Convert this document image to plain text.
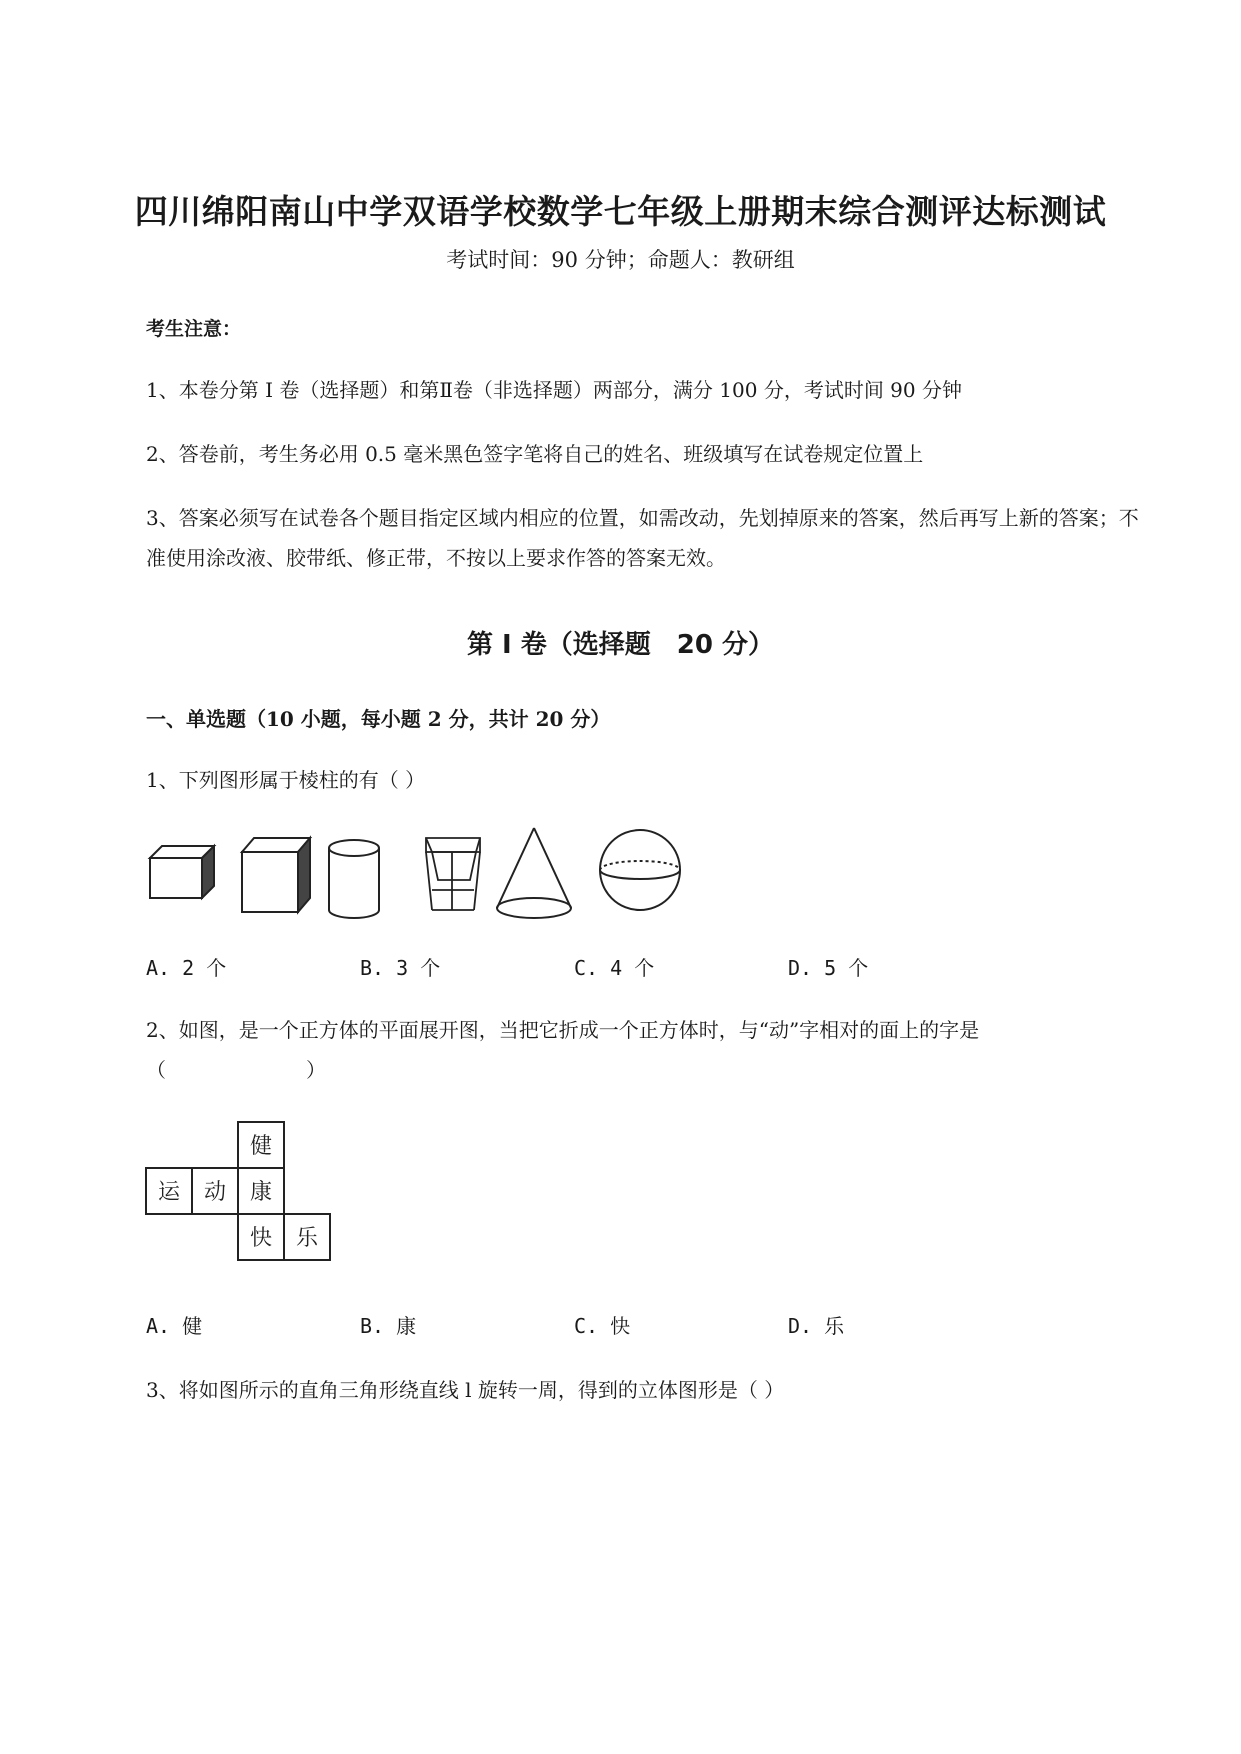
四川绵阳南山中学双语学校数学七年级上册期末综合测评达标测试
考试时间：90 分钟；命题人：教研组
考生注意：
1、本卷分第 I 卷（选择题）和第Ⅱ卷（非选择题）两部分，满分 100 分，考试时间 90 分钟
2、答卷前，考生务必用 0.5 毫米黑色签字笔将自己的姓名、班级填写在试卷规定位置上
3、答案必须写在试卷各个题目指定区域内相应的位置，如需改动，先划掉原来的答案，然后再写上新的答案；不准使用涂改液、胶带纸、修正带，不按以上要求作答的答案无效。
第 I 卷（选择题　20 分）
一、单选题（10 小题，每小题 2 分，共计 20 分）
1、下列图形属于棱柱的有（ ）
A. 2 个	B. 3 个	C. 4 个	D. 5 个
2、如图，是一个正方体的平面展开图，当把它折成一个正方体时，与“动”字相对的面上的字是（　　　　　　　）
健
运 动 康
快 乐
A. 健	B. 康	C. 快	D. 乐
3、将如图所示的直角三角形绕直线 l 旋转一周，得到的立体图形是（ ）
